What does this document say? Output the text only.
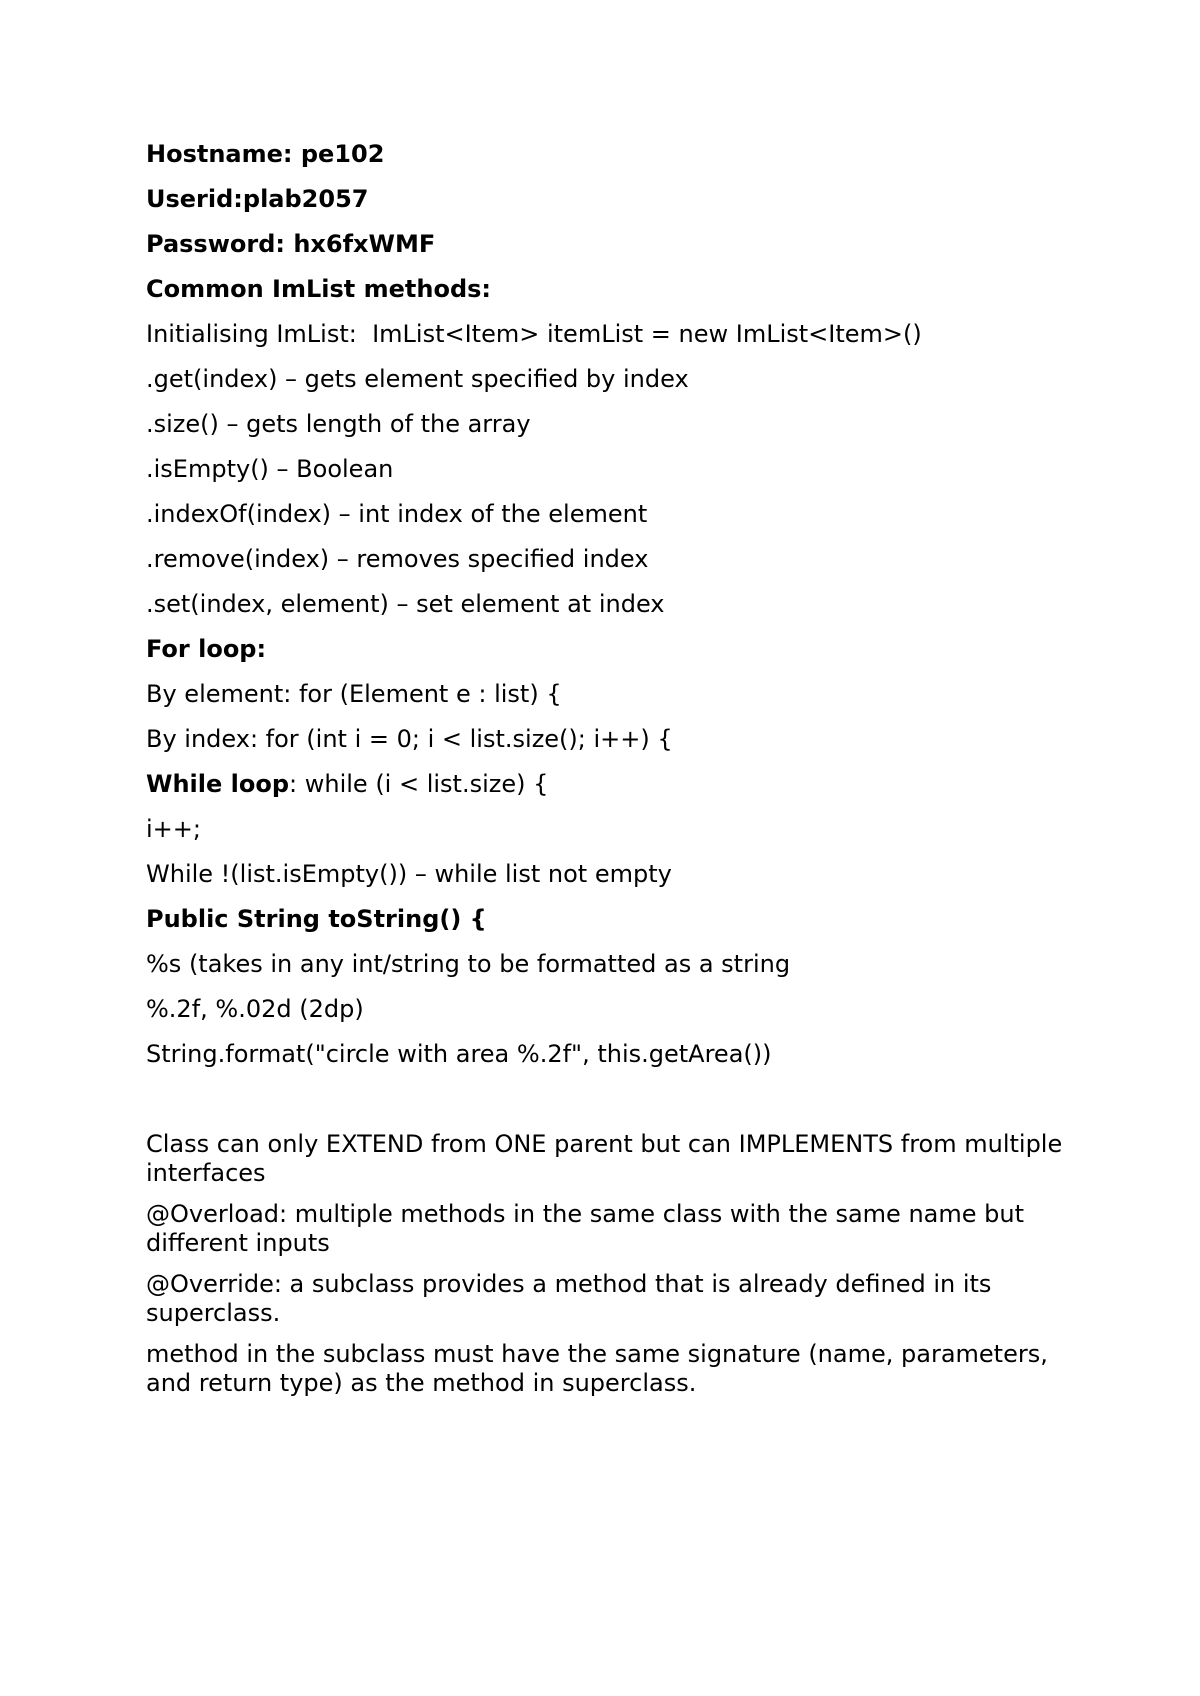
Hostname: pe102
Userid:plab2057
Password: hx6fxWMF
Common ImList methods:
Initialising ImList:  ImList<Item> itemList = new ImList<Item>()
.get(index) – gets element specified by index
.size() – gets length of the array
.isEmpty() – Boolean
.indexOf(index) – int index of the element
.remove(index) – removes specified index
.set(index, element) – set element at index
For loop:
By element: for (Element e : list) {
By index: for (int i = 0; i < list.size(); i++) {
While loop: while (i < list.size) {
i++;
While !(list.isEmpty()) – while list not empty
Public String toString() {
%s (takes in any int/string to be formatted as a string
%.2f, %.02d (2dp)
String.format("circle with area %.2f", this.getArea())
Class can only EXTEND from ONE parent but can IMPLEMENTS from multiple interfaces
@Overload: multiple methods in the same class with the same name but different inputs
@Override: a subclass provides a method that is already defined in its superclass.
method in the subclass must have the same signature (name, parameters, and return type) as the method in superclass.
